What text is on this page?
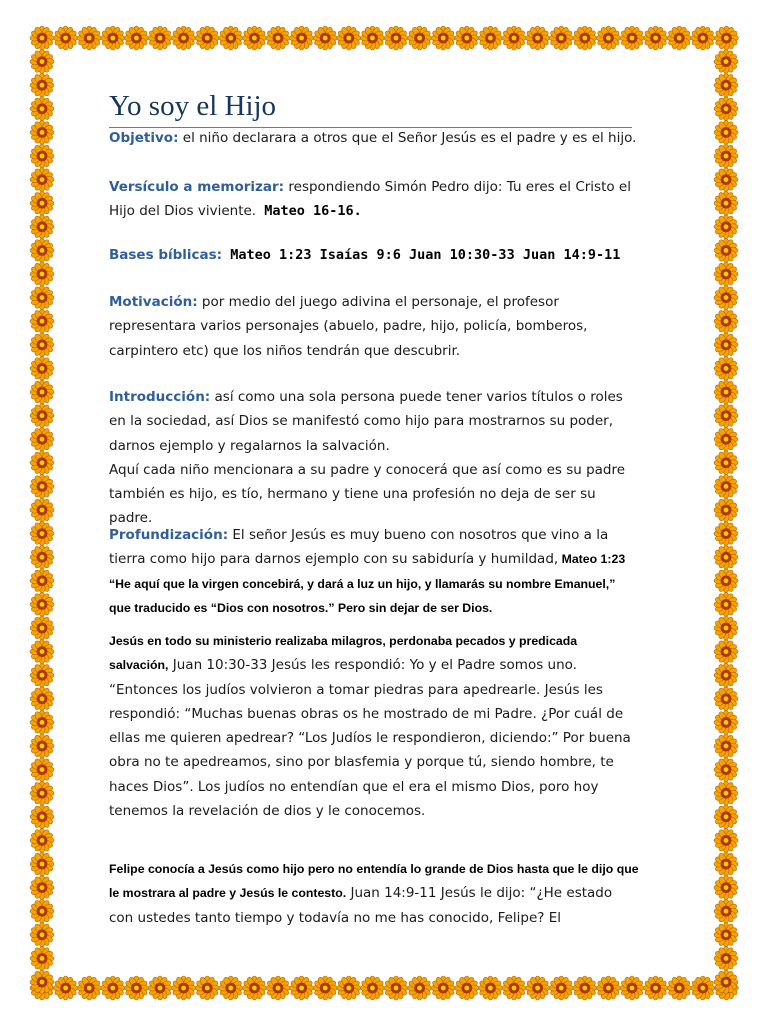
Yo soy el Hijo

Objetivo: el niño declarara a otros que el Señor Jesús es el padre y es el hijo.

Versículo a memorizar: respondiendo Simón Pedro dijo: Tu eres el Cristo el Hijo del Dios viviente. Mateo 16-16.

Bases bíblicas: Mateo 1:23 Isaías 9:6 Juan 10:30-33 Juan 14:9-11

Motivación: por medio del juego adivina el personaje, el profesor representara varios personajes (abuelo, padre, hijo, policía, bomberos, carpintero etc) que los niños tendrán que descubrir.

Introducción: así como una sola persona puede tener varios títulos o roles en la sociedad, así Dios se manifestó como hijo para mostrarnos su poder, darnos ejemplo y regalarnos la salvación.
Aquí cada niño mencionara a su padre y conocerá que así como es su padre también es hijo, es tío, hermano y tiene una profesión no deja de ser su padre.

Profundización: El señor Jesús es muy bueno con nosotros que vino a la tierra como hijo para darnos ejemplo con su sabiduría y humildad, Mateo 1:23 “He aquí que la virgen concebirá, y dará a luz un hijo, y llamarás su nombre Emanuel,” que traducido es “Dios con nosotros.” Pero sin dejar de ser Dios.

Jesús en todo su ministerio realizaba milagros, perdonaba pecados y predicada salvación, Juan 10:30-33 Jesús les respondió: Yo y el Padre somos uno. “Entonces los judíos volvieron a tomar piedras para apedrearle. Jesús les respondió: “Muchas buenas obras os he mostrado de mi Padre. ¿Por cuál de ellas me quieren apedrear? “Los Judíos le respondieron, diciendo:” Por buena obra no te apedreamos, sino por blasfemia y porque tú, siendo hombre, te haces Dios”. Los judíos no entendían que el era el mismo Dios, poro hoy tenemos la revelación de dios y le conocemos.

Felipe conocía a Jesús como hijo pero no entendía lo grande de Dios hasta que le dijo que le mostrara al padre y Jesús le contesto. Juan 14:9-11 Jesús le dijo: “¿He estado con ustedes tanto tiempo y todavía no me has conocido, Felipe? El
